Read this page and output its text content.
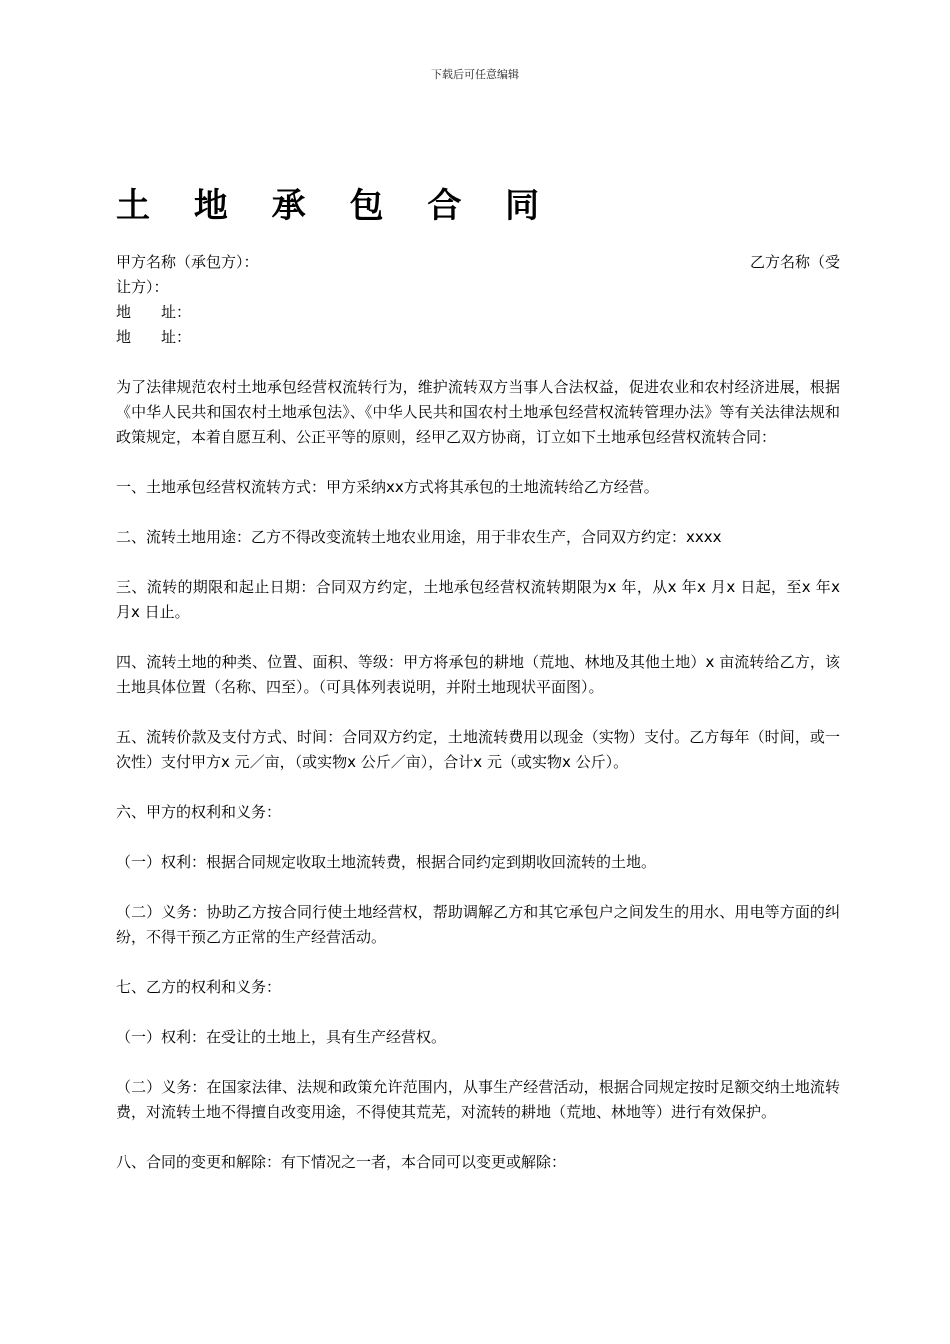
下载后可任意编辑
土 地 承 包 合 同
甲方名称（承包方）：	乙方名称（受
让方）：
地　　址：
地　　址：

为了法律规范农村土地承包经营权流转行为，维护流转双方当事人合法权益，促进农业和农村经济进展，根据《中华人民共和国农村土地承包法》、《中华人民共和国农村土地承包经营权流转管理办法》等有关法律法规和政策规定，本着自愿互利、公正平等的原则，经甲乙双方协商，订立如下土地承包经营权流转合同：

一、土地承包经营权流转方式：甲方采纳xx方式将其承包的土地流转给乙方经营。

二、流转土地用途：乙方不得改变流转土地农业用途，用于非农生产，合同双方约定：xxxx

三、流转的期限和起止日期：合同双方约定，土地承包经营权流转期限为x 年，从x 年x 月x 日起，至x 年x 月x 日止。

四、流转土地的种类、位置、面积、等级：甲方将承包的耕地（荒地、林地及其他土地）x 亩流转给乙方，该土地具体位置（名称、四至）。（可具体列表说明，并附土地现状平面图）。

五、流转价款及支付方式、时间：合同双方约定，土地流转费用以现金（实物）支付。乙方每年（时间，或一次性）支付甲方x 元／亩，（或实物x 公斤／亩），合计x 元（或实物x 公斤）。

六、甲方的权利和义务：

（一）权利：根据合同规定收取土地流转费，根据合同约定到期收回流转的土地。

（二）义务：协助乙方按合同行使土地经营权，帮助调解乙方和其它承包户之间发生的用水、用电等方面的纠纷，不得干预乙方正常的生产经营活动。

七、乙方的权利和义务：

（一）权利：在受让的土地上，具有生产经营权。

（二）义务：在国家法律、法规和政策允许范围内，从事生产经营活动，根据合同规定按时足额交纳土地流转费，对流转土地不得擅自改变用途，不得使其荒芜，对流转的耕地（荒地、林地等）进行有效保护。

八、合同的变更和解除：有下情况之一者，本合同可以变更或解除：
